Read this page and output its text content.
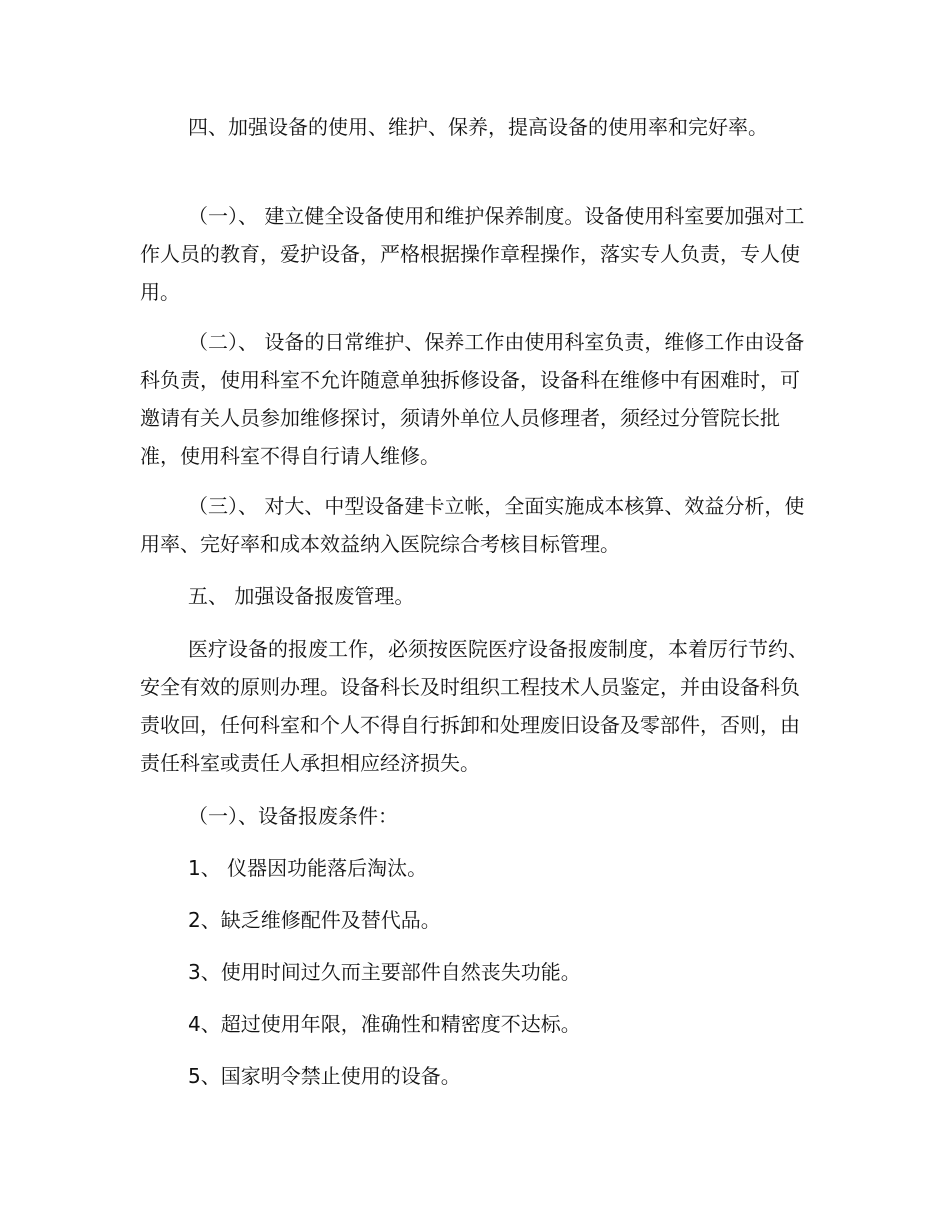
四、加强设备的使用、维护、保养，提高设备的使用率和完好率。

（一）、 建立健全设备使用和维护保养制度。设备使用科室要加强对工作人员的教育，爱护设备，严格根据操作章程操作，落实专人负责，专人使用。

（二）、 设备的日常维护、保养工作由使用科室负责，维修工作由设备科负责，使用科室不允许随意单独拆修设备，设备科在维修中有困难时，可邀请有关人员参加维修探讨，须请外单位人员修理者，须经过分管院长批准，使用科室不得自行请人维修。

（三）、 对大、中型设备建卡立帐，全面实施成本核算、效益分析，使用率、完好率和成本效益纳入医院综合考核目标管理。

五、 加强设备报废管理。

医疗设备的报废工作，必须按医院医疗设备报废制度，本着厉行节约、安全有效的原则办理。设备科长及时组织工程技术人员鉴定，并由设备科负责收回，任何科室和个人不得自行拆卸和处理废旧设备及零部件，否则，由责任科室或责任人承担相应经济损失。

（一）、设备报废条件：

1、 仪器因功能落后淘汰。

2、缺乏维修配件及替代品。

3、使用时间过久而主要部件自然丧失功能。

4、超过使用年限，准确性和精密度不达标。

5、国家明令禁止使用的设备。
